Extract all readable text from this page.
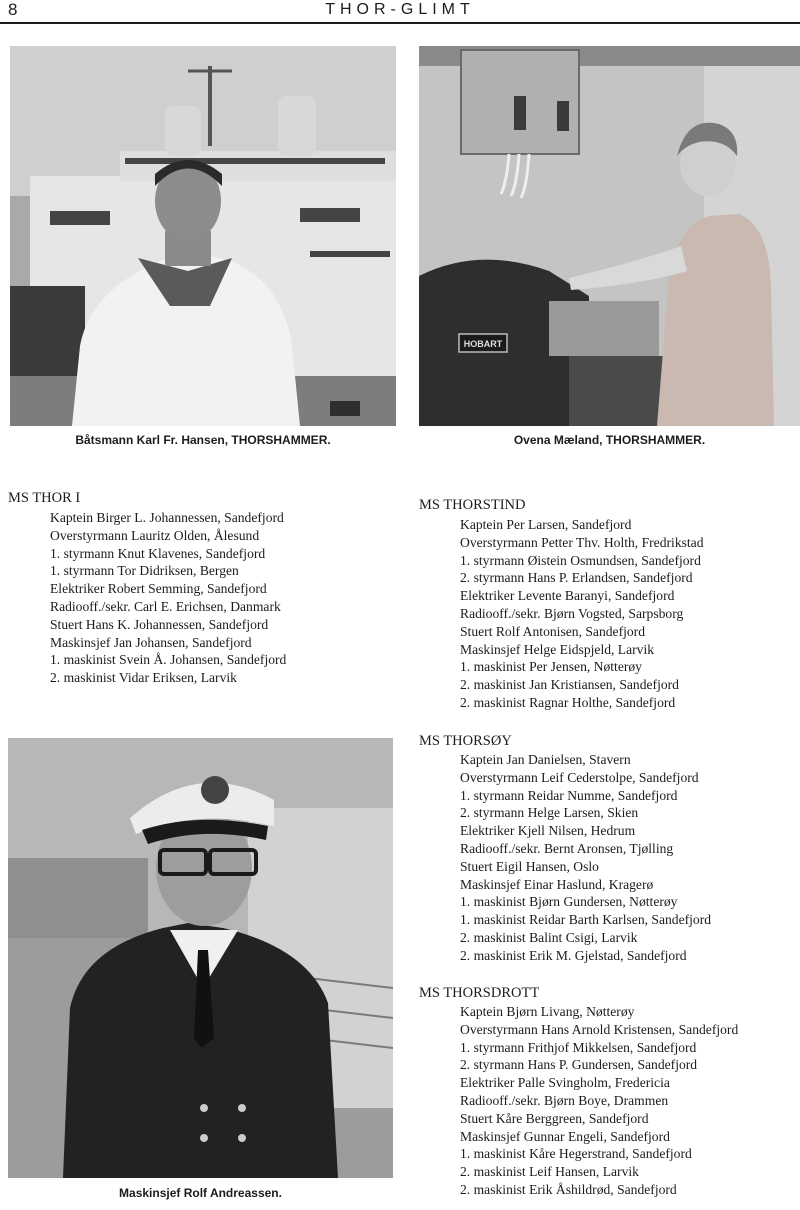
8	THOR-GLIMT
Båtsmann Karl Fr. Hansen, THORSHAMMER.
HOBART
Ovena Mæland, THORSHAMMER.
Maskinsjef Rolf Andreassen.
MS THOR I
Kaptein Birger L. Johannessen, Sandefjord
Overstyrmann Lauritz Olden, Ålesund
1. styrmann Knut Klavenes, Sandefjord
1. styrmann Tor Didriksen, Bergen
Elektriker Robert Semming, Sandefjord
Radiooff./sekr. Carl E. Erichsen, Danmark
Stuert Hans K. Johannessen, Sandefjord
Maskinsjef Jan Johansen, Sandefjord
1. maskinist Svein Å. Johansen, Sandefjord
2. maskinist Vidar Eriksen, Larvik
MS THORSTIND
Kaptein Per Larsen, Sandefjord
Overstyrmann Petter Thv. Holth, Fredrikstad
1. styrmann Øistein Osmundsen, Sandefjord
2. styrmann Hans P. Erlandsen, Sandefjord
Elektriker Levente Baranyi, Sandefjord
Radiooff./sekr. Bjørn Vogsted, Sarpsborg
Stuert Rolf Antonisen, Sandefjord
Maskinsjef Helge Eidspjeld, Larvik
1. maskinist Per Jensen, Nøtterøy
2. maskinist Jan Kristiansen, Sandefjord
2. maskinist Ragnar Holthe, Sandefjord
MS THORSØY
Kaptein Jan Danielsen, Stavern
Overstyrmann Leif Cederstolpe, Sandefjord
1. styrmann Reidar Numme, Sandefjord
2. styrmann Helge Larsen, Skien
Elektriker Kjell Nilsen, Hedrum
Radiooff./sekr. Bernt Aronsen, Tjølling
Stuert Eigil Hansen, Oslo
Maskinsjef Einar Haslund, Kragerø
1. maskinist Bjørn Gundersen, Nøtterøy
1. maskinist Reidar Barth Karlsen, Sandefjord
2. maskinist Balint Csigi, Larvik
2. maskinist Erik M. Gjelstad, Sandefjord
MS THORSDROTT
Kaptein Bjørn Livang, Nøtterøy
Overstyrmann Hans Arnold Kristensen, Sandefjord
1. styrmann Frithjof Mikkelsen, Sandefjord
2. styrmann Hans P. Gundersen, Sandefjord
Elektriker Palle Svingholm, Fredericia
Radiooff./sekr. Bjørn Boye, Drammen
Stuert Kåre Berggreen, Sandefjord
Maskinsjef Gunnar Engeli, Sandefjord
1. maskinist Kåre Hegerstrand, Sandefjord
2. maskinist Leif Hansen, Larvik
2. maskinist Erik Åshildrød, Sandefjord
